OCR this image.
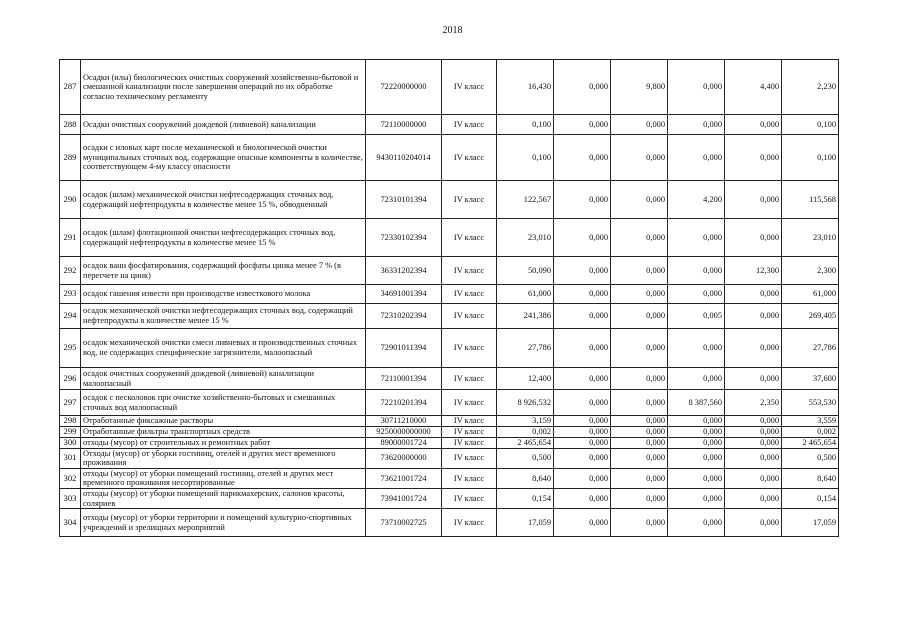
2018
287	Осадки (илы) биологических очистных сооружений хозяйственно-бытовой и смешанной канализации после завершения операций по их обработке согласно техническому регламенту	72220000000	IV класс	16,430	0,000	9,800	0,000	4,400	2,230
288	Осадки очистных сооружений дождевой (ливневой) канализации	72110000000	IV класс	0,100	0,000	0,000	0,000	0,000	0,100
289	осадки с иловых карт после механической и биологической очистки муниципальных сточных вод, содержащие опасные компоненты в количестве, соответствующем 4-му классу опасности	9430110204014	IV класс	0,100	0,000	0,000	0,000	0,000	0,100
290	осадок (шлам) механической очистки нефтесодержащих сточных вод, содержащий нефтепродукты в количестве менее 15 %, обводненный	72310101394	IV класс	122,567	0,000	0,000	4,200	0,000	115,568
291	осадок (шлам) флотационной очистки нефтесодержащих сточных вод, содержащий нефтепродукты в количестве менее 15 %	72330102394	IV класс	23,010	0,000	0,000	0,000	0,000	23,010
292	осадок ванн фосфатирования, содержащий фосфаты цинка менее 7 % (в пересчете на цинк)	36331202394	IV класс	50,090	0,000	0,000	0,000	12,300	2,300
293	осадок гашения извести при производстве известкового молока	34691001394	IV класс	61,000	0,000	0,000	0,000	0,000	61,000
294	осадок механической очистки нефтесодержащих сточных вод, содержащий нефтепродукты в количестве менее 15 %	72310202394	IV класс	241,386	0,000	0,000	0,005	0,000	269,405
295	осадок механической очистки смеси ливневых и производственных сточных вод, не содержащих специфические загрязнители, малоопасный	72901011394	IV класс	27,786	0,000	0,000	0,000	0,000	27,786
296	осадок очистных сооружений дождевой (ливневой) канализации малоопасный	72110001394	IV класс	12,400	0,000	0,000	0,000	0,000	37,600
297	осадок с песколовок при очистке хозяйственно-бытовых и смешанных сточных вод малоопасный	72210201394	IV класс	8 926,532	0,000	0,000	8 387,560	2,350	553,530
298	Отработанные фиксажные растворы	30711210000	IV класс	3,159	0,000	0,000	0,000	0,000	3,559
299	Отработанные фильтры транспортных средств	9250000000000	IV класс	0,002	0,000	0,000	0,000	0,000	0,002
300	отходы (мусор) от строительных и ремонтных работ	89000001724	IV класс	2 465,654	0,000	0,000	0,000	0,000	2 465,654
301	Отходы (мусор) от уборки гостиниц, отелей и других мест временного проживания	73620000000	IV класс	0,500	0,000	0,000	0,000	0,000	0,500
302	отходы (мусор) от уборки помещений гостиниц, отелей и других мест временного проживания несортированные	73621001724	IV класс	8,640	0,000	0,000	0,000	0,000	8,640
303	отходы (мусор) от уборки помещений парикмахерских, салонов красоты, соляриев	73941001724	IV класс	0,154	0,000	0,000	0,000	0,000	0,154
304	отходы (мусор) от уборки территории и помещений культурно-спортивных учреждений и зрелищных мероприятий	73710002725	IV класс	17,059	0,000	0,000	0,000	0,000	17,059
